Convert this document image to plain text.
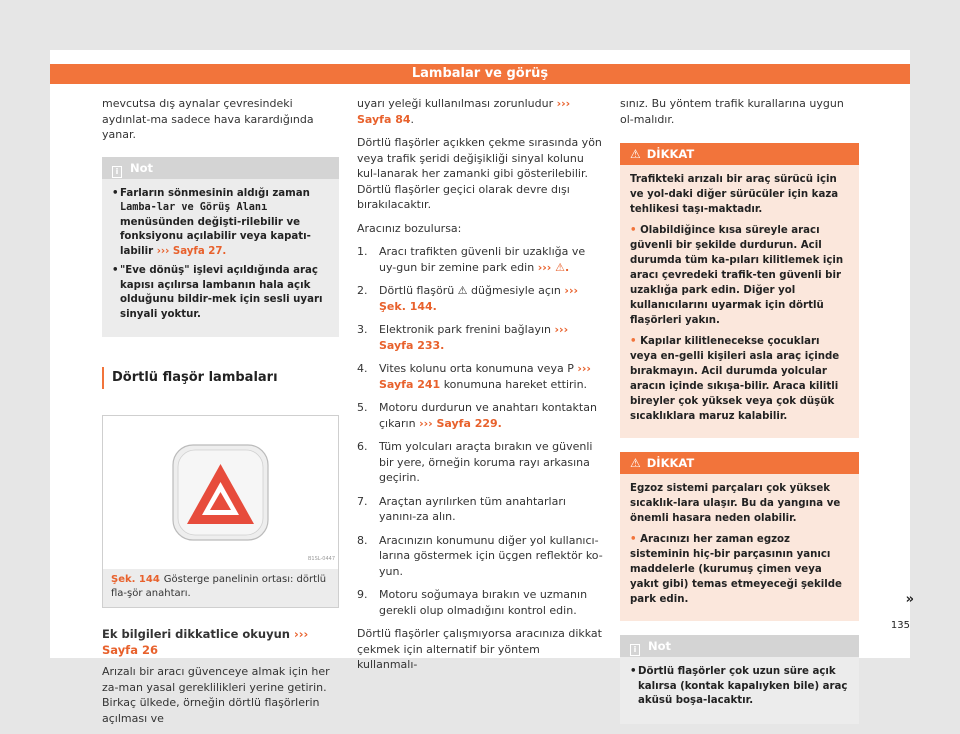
Lambalar ve görüş

mevcutsa dış aynalar çevresindeki aydınlat-ma sadece hava karardığında yanar.

i Not
• Farların sönmesinin aldığı zaman Lamba-lar ve Görüş Alanı menüsünden değişti-rilebilir ve fonksiyonu açılabilir veya kapatı-labilir ››› Sayfa 27.
• "Eve dönüş" işlevi açıldığında araç kapısı açılırsa lambanın hala açık olduğunu bildir-mek için sesli uyarı sinyali yoktur.
Dörtlü flaşör lambaları
B1SL-0447
Şek. 144 Gösterge panelinin ortası: dörtlü fla-şör anahtarı.
Ek bilgileri dikkatlice okuyun ››› Sayfa 26

Arızalı bir aracı güvenceye almak için her za-man yasal gereklilikleri yerine getirin. Birkaç ülkede, örneğin dörtlü flaşörlerin açılması ve

uyarı yeleği kullanılması zorunludur ››› Sayfa 84.

Dörtlü flaşörler açıkken çekme sırasında yön veya trafik şeridi değişikliği sinyal kolunu kul-lanarak her zamanki gibi gösterilebilir. Dörtlü flaşörler geçici olarak devre dışı bırakılacaktır.

Aracınız bozulursa:

1. Aracı trafikten güvenli bir uzaklığa ve uy-gun bir zemine park edin ››› ⚠.
2. Dörtlü flaşörü ⚠ düğmesiyle açın ››› Şek. 144.
3. Elektronik park frenini bağlayın ››› Sayfa 233.
4. Vites kolunu orta konumuna veya P ››› Sayfa 241 konumuna hareket ettirin.
5. Motoru durdurun ve anahtarı kontaktan çıkarın ››› Sayfa 229.
6. Tüm yolcuları araçta bırakın ve güvenli bir yere, örneğin koruma rayı arkasına geçirin.
7. Araçtan ayrılırken tüm anahtarları yanını-za alın.
8. Aracınızın konumunu diğer yol kullanıcı-larına göstermek için üçgen reflektör ko-yun.
9. Motoru soğumaya bırakın ve uzmanın gerekli olup olmadığını kontrol edin.

Dörtlü flaşörler çalışmıyorsa aracınıza dikkat çekmek için alternatif bir yöntem kullanmalı-

sınız. Bu yöntem trafik kurallarına uygun ol-malıdır.

⚠ DİKKAT

Trafikteki arızalı bir araç sürücü için ve yol-daki diğer sürücüler için kaza tehlikesi taşı-maktadır.

• Olabildiğince kısa süreyle aracı güvenli bir şekilde durdurun. Acil durumda tüm ka-pıları kilitlemek için aracı çevredeki trafik-ten güvenli bir uzaklığa park edin. Diğer yol kullanıcılarını uyarmak için dörtlü flaşörleri yakın.

• Kapılar kilitlenecekse çocukları veya en-gelli kişileri asla araç içinde bırakmayın. Acil durumda yolcular aracın içinde sıkışa-bilir. Araca kilitli bireyler çok yüksek veya çok düşük sıcaklıklara maruz kalabilir.

⚠ DİKKAT

Egzoz sistemi parçaları çok yüksek sıcaklık-lara ulaşır. Bu da yangına ve önemli hasara neden olabilir.

• Aracınızı her zaman egzoz sisteminin hiç-bir parçasının yanıcı maddelerle (kurumuş çimen veya yakıt gibi) temas etmeyeceği şekilde park edin.

i Not
• Dörtlü flaşörler çok uzun süre açık kalırsa (kontak kapalıyken bile) araç aküsü boşa-lacaktır.
»
135
